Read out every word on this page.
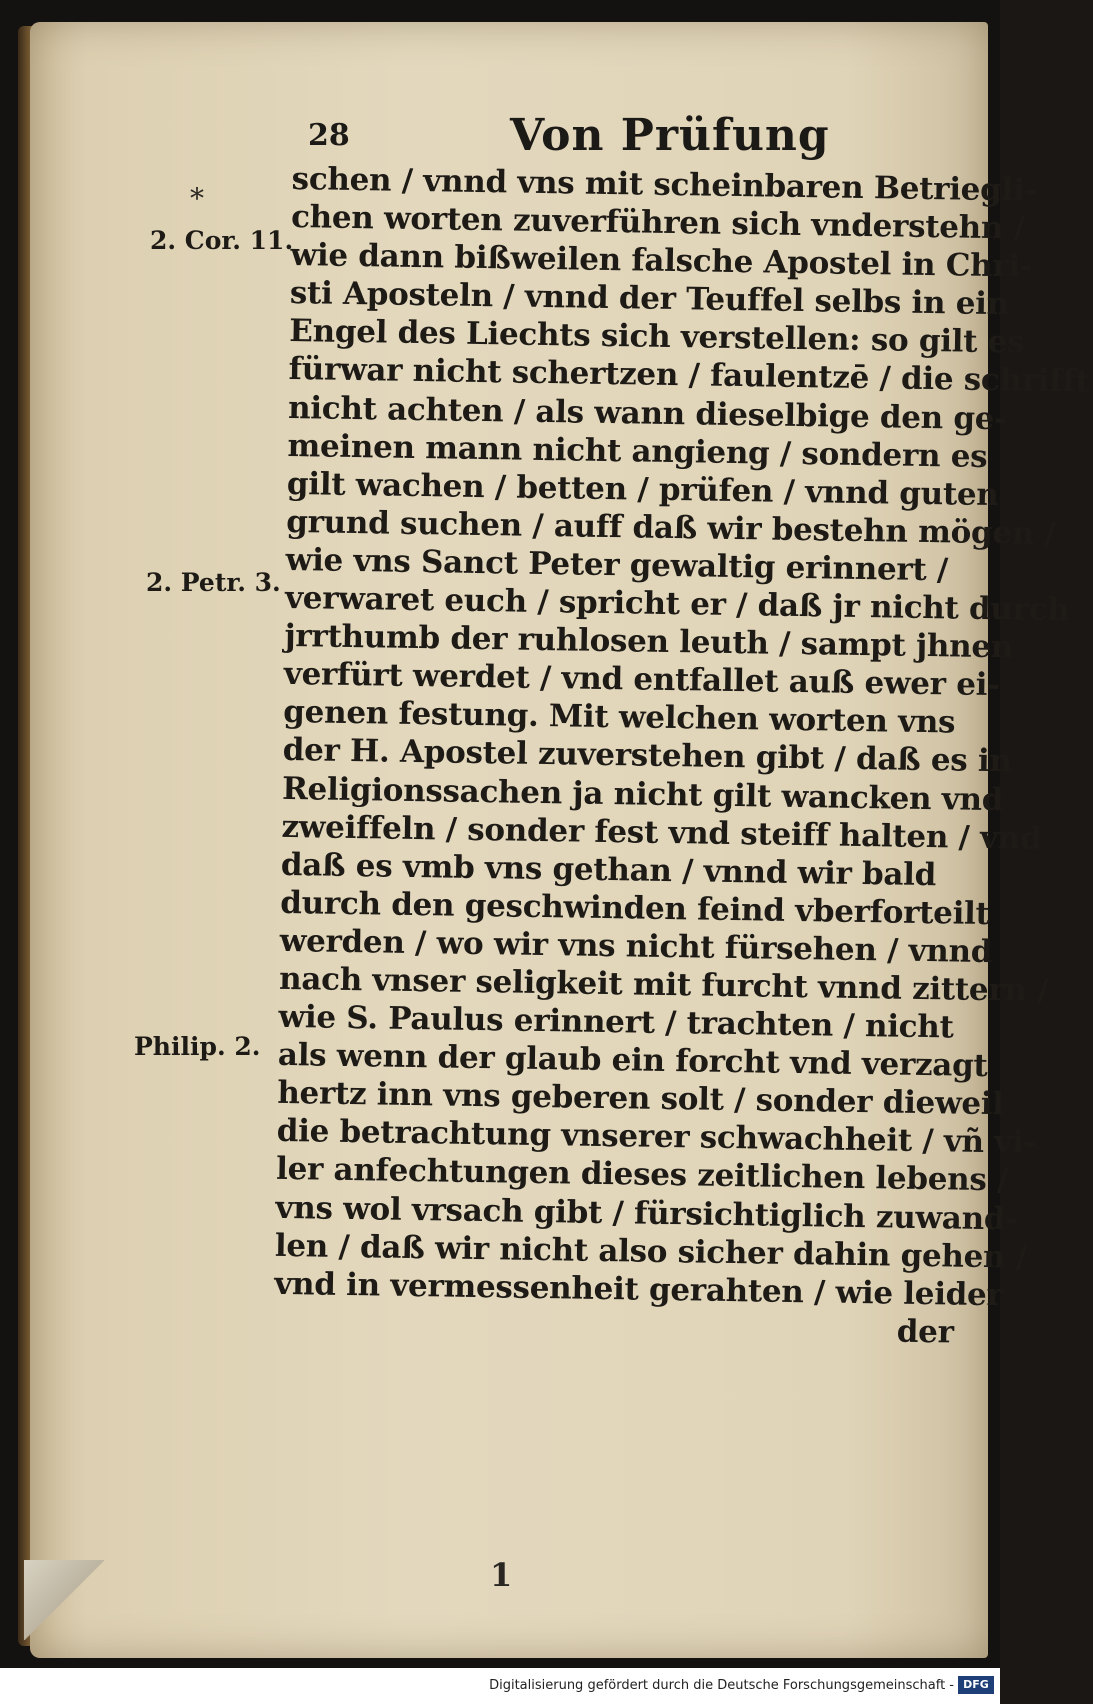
28	Von Prüfung
*
2. Cor. 11.
2. Petr. 3.
Philip. 2.
schen / vnnd vns mit scheinbaren Betriegli-
chen worten zuverführen sich vnderstehn /
wie dann bißweilen falsche Apostel in Chri-
sti Aposteln / vnnd der Teuffel selbs in ein
Engel des Liechts sich verstellen: so gilt es
fürwar nicht schertzen / faulentzē / die schrifft
nicht achten / als wann dieselbige den ge-
meinen mann nicht angieng / sondern es
gilt wachen / betten / prüfen / vnnd guten
grund suchen / auff daß wir bestehn mögen /
wie vns Sanct Peter gewaltig erinnert /
verwaret euch / spricht er / daß jr nicht durch
jrrthumb der ruhlosen leuth / sampt jhnen
verfürt werdet / vnd entfallet auß ewer ei-
genen festung. Mit welchen worten vns
der H. Apostel zuverstehen gibt / daß es in
Religionssachen ja nicht gilt wancken vnd
zweiffeln / sonder fest vnd steiff halten / vnd
daß es vmb vns gethan / vnnd wir bald
durch den geschwinden feind vberforteilt
werden / wo wir vns nicht fürsehen / vnnd
nach vnser seligkeit mit furcht vnnd zittern /
wie S. Paulus erinnert / trachten / nicht
als wenn der glaub ein forcht vnd verzagt
hertz inn vns geberen solt / sonder dieweil
die betrachtung vnserer schwachheit / vñ vi-
ler anfechtungen dieses zeitlichen lebens /
vns wol vrsach gibt / fürsichtiglich zuwand-
len / daß wir nicht also sicher dahin gehen /
vnd in vermessenheit gerahten / wie leider
der
1
Digitalisierung gefördert durch die Deutsche Forschungsgemeinschaft - DFG
